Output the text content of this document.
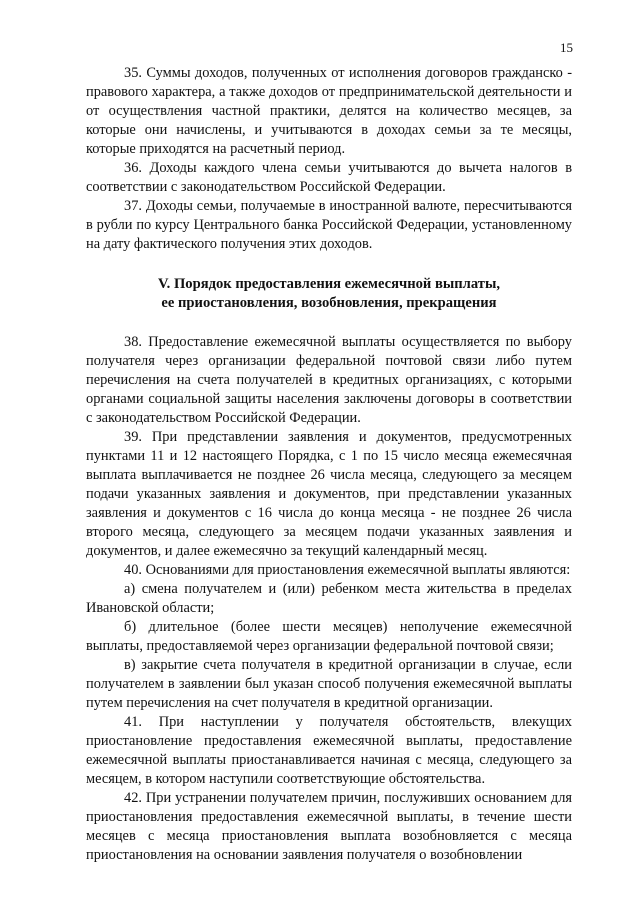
15

35. Суммы доходов, полученных от исполнения договоров гражданско - правового характера, а также доходов от предпринимательской деятельности и от осуществления частной практики, делятся на количество месяцев, за которые они начислены, и учитываются в доходах семьи за те месяцы, которые приходятся на расчетный период.

36. Доходы каждого члена семьи учитываются до вычета налогов в соответствии с законодательством Российской Федерации.

37. Доходы семьи, получаемые в иностранной валюте, пересчитываются в рубли по курсу Центрального банка Российской Федерации, установленному на дату фактического получения этих доходов.

V. Порядок предоставления ежемесячной выплаты,
ее приостановления, возобновления, прекращения

38. Предоставление ежемесячной выплаты осуществляется по выбору получателя через организации федеральной почтовой связи либо путем перечисления на счета получателей в кредитных организациях, с которыми органами социальной защиты населения заключены договоры в соответствии с законодательством Российской Федерации.

39. При представлении заявления и документов, предусмотренных пунктами 11 и 12 настоящего Порядка, с 1 по 15 число месяца ежемесячная выплата выплачивается не позднее 26 числа месяца, следующего за месяцем подачи указанных заявления и документов, при представлении указанных заявления и документов с 16 числа до конца месяца - не позднее 26 числа второго месяца, следующего за месяцем подачи указанных заявления и документов, и далее ежемесячно за текущий календарный месяц.

40. Основаниями для приостановления ежемесячной выплаты являются:

а) смена получателем и (или) ребенком места жительства в пределах Ивановской области;

б) длительное (более шести месяцев) неполучение ежемесячной выплаты, предоставляемой через организации федеральной почтовой связи;

в) закрытие счета получателя в кредитной организации в случае, если получателем в заявлении был указан способ получения ежемесячной выплаты путем перечисления на счет получателя в кредитной организации.

41. При наступлении у получателя обстоятельств, влекущих приостановление предоставления ежемесячной выплаты, предоставление ежемесячной выплаты приостанавливается начиная с месяца, следующего за месяцем, в котором наступили соответствующие обстоятельства.

42. При устранении получателем причин, послуживших основанием для приостановления предоставления ежемесячной выплаты, в течение шести месяцев с месяца приостановления выплата возобновляется с месяца приостановления на основании заявления получателя о возобновлении
